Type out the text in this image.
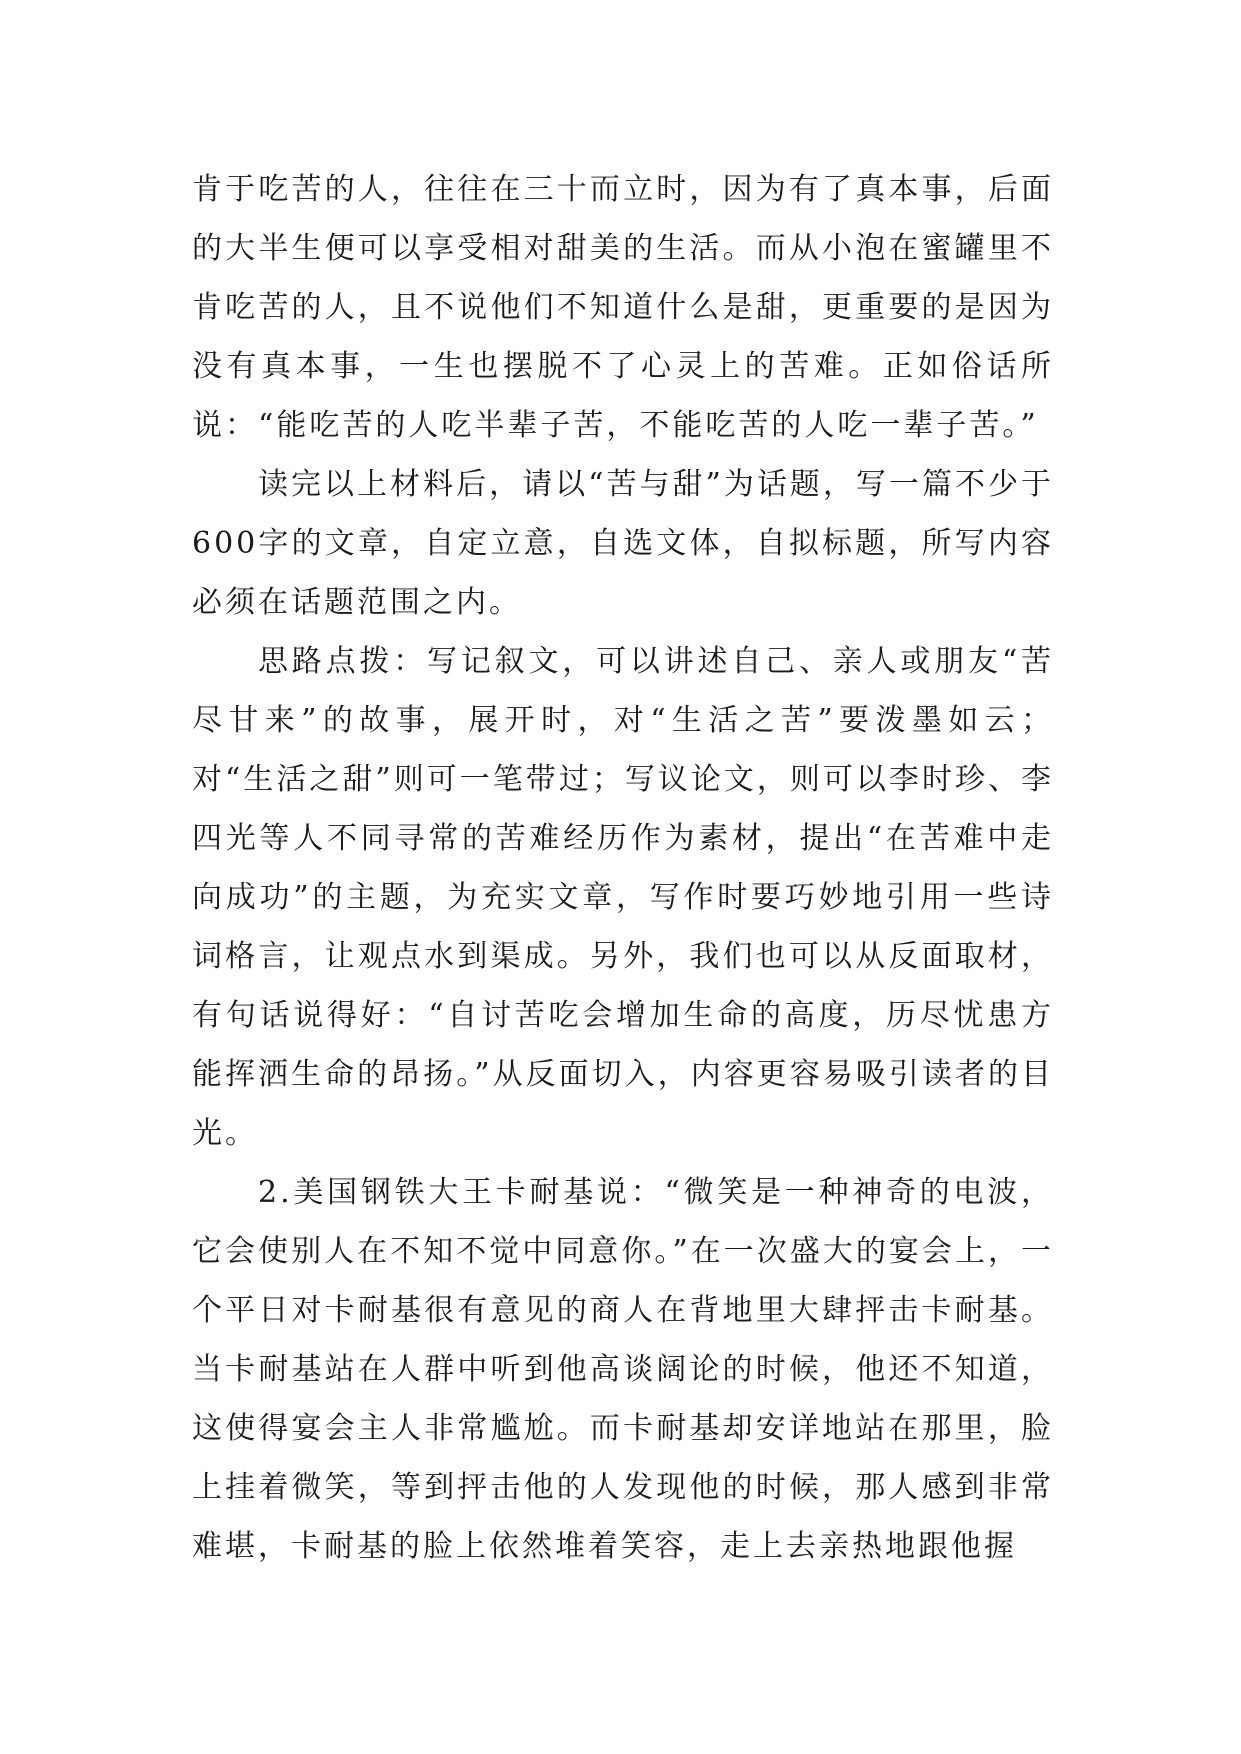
肯于吃苦的人，往往在三十而立时，因为有了真本事，后面的大半生便可以享受相对甜美的生活。而从小泡在蜜罐里不肯吃苦的人，且不说他们不知道什么是甜，更重要的是因为没有真本事，一生也摆脱不了心灵上的苦难。正如俗话所说：“能吃苦的人吃半辈子苦，不能吃苦的人吃一辈子苦。”

读完以上材料后，请以“苦与甜”为话题，写一篇不少于600字的文章，自定立意，自选文体，自拟标题，所写内容必须在话题范围之内。

思路点拨：写记叙文，可以讲述自己、亲人或朋友“苦尽甘来”的故事，展开时，对“生活之苦”要泼墨如云；对“生活之甜”则可一笔带过；写议论文，则可以李时珍、李四光等人不同寻常的苦难经历作为素材，提出“在苦难中走向成功”的主题，为充实文章，写作时要巧妙地引用一些诗词格言，让观点水到渠成。另外，我们也可以从反面取材，有句话说得好：“自讨苦吃会增加生命的高度，历尽忧患方能挥洒生命的昂扬。”从反面切入，内容更容易吸引读者的目光。

2.美国钢铁大王卡耐基说：“微笑是一种神奇的电波，它会使别人在不知不觉中同意你。”在一次盛大的宴会上，一个平日对卡耐基很有意见的商人在背地里大肆抨击卡耐基。当卡耐基站在人群中听到他高谈阔论的时候，他还不知道，这使得宴会主人非常尴尬。而卡耐基却安详地站在那里，脸上挂着微笑，等到抨击他的人发现他的时候，那人感到非常难堪，卡耐基的脸上依然堆着笑容，走上去亲热地跟他握
